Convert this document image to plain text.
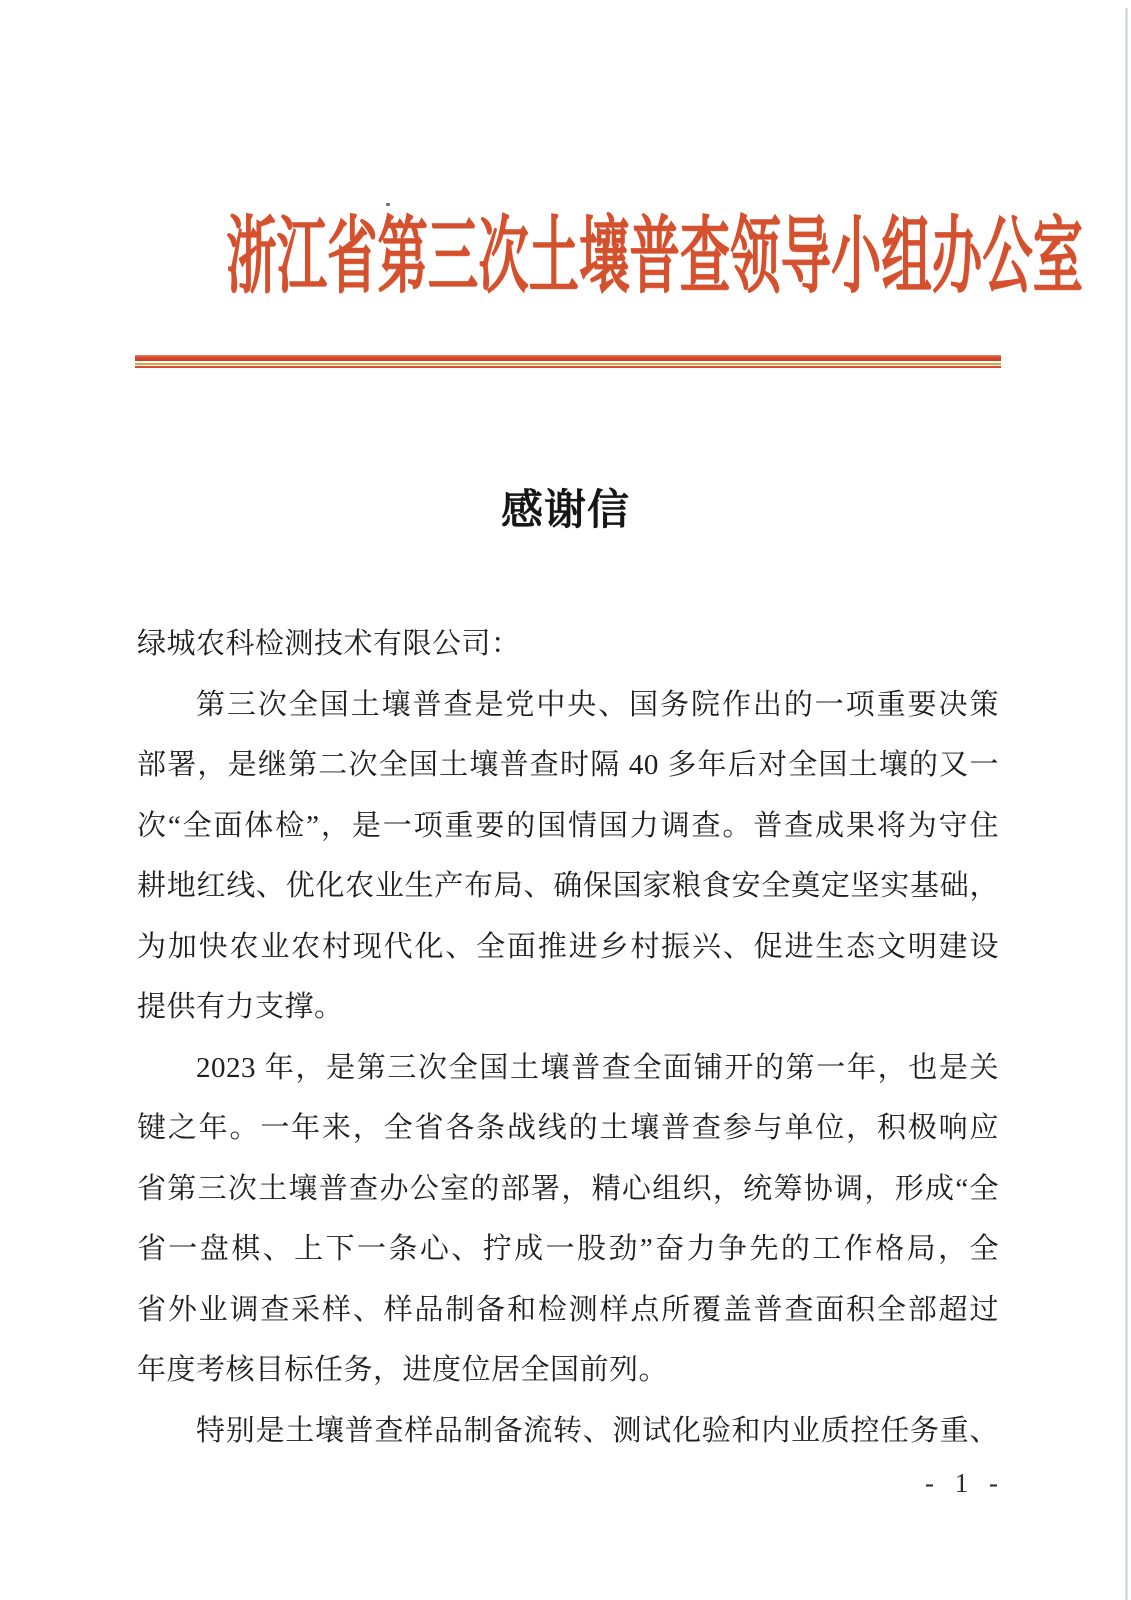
浙江省第三次土壤普查领导小组办公室
感谢信
绿城农科检测技术有限公司：
第三次全国土壤普查是党中央、国务院作出的一项重要决策
部署，是继第二次全国土壤普查时隔 40 多年后对全国土壤的又一
次“全面体检”，是一项重要的国情国力调查。普查成果将为守住
耕地红线、优化农业生产布局、确保国家粮食安全奠定坚实基础，
为加快农业农村现代化、全面推进乡村振兴、促进生态文明建设
提供有力支撑。
2023 年，是第三次全国土壤普查全面铺开的第一年，也是关
键之年。一年来，全省各条战线的土壤普查参与单位，积极响应
省第三次土壤普查办公室的部署，精心组织，统筹协调，形成“全
省一盘棋、上下一条心、拧成一股劲”奋力争先的工作格局，全
省外业调查采样、样品制备和检测样点所覆盖普查面积全部超过
年度考核目标任务，进度位居全国前列。
特别是土壤普查样品制备流转、测试化验和内业质控任务重、
- 1 -
